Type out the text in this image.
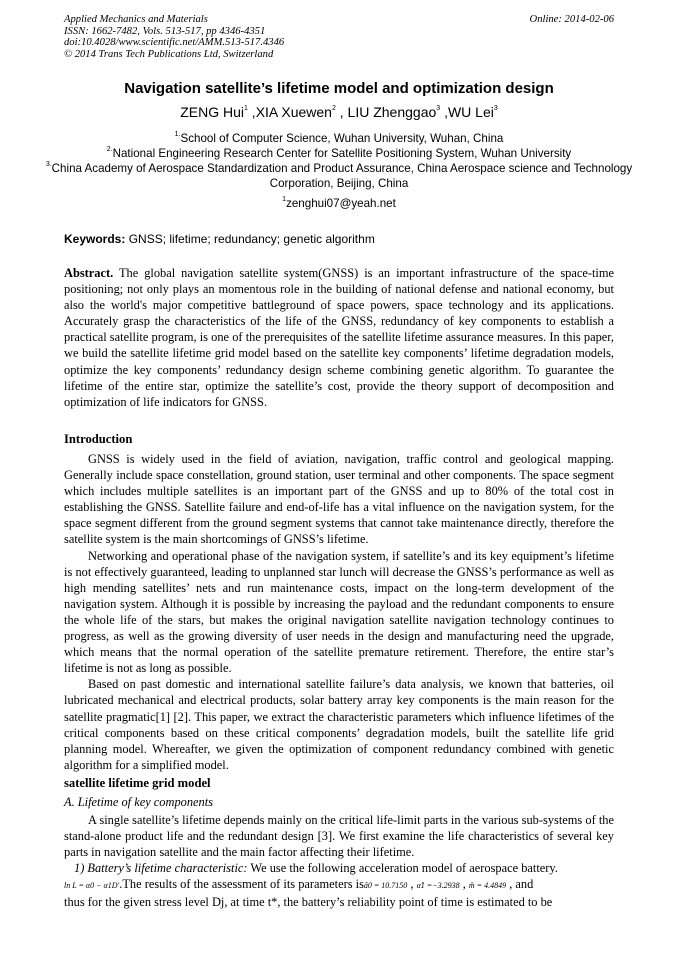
Applied Mechanics and Materials
ISSN: 1662-7482, Vols. 513-517, pp 4346-4351
doi:10.4028/www.scientific.net/AMM.513-517.4346
© 2014 Trans Tech Publications Ltd, Switzerland
Online: 2014-02-06
Navigation satellite’s lifetime model and optimization design
ZENG Hui$^1$ ,XIA Xuewen$^2$ , LIU Zhenggao$^3$ ,WU Lei$^3$
$^{1.}$School of Computer Science, Wuhan University, Wuhan, China
$^{2.}$National Engineering Research Center for Satellite Positioning System, Wuhan University
$^{3.}$China Academy of Aerospace Standardization and Product Assurance, China Aerospace science and Technology Corporation, Beijing, China
$^1$zenghui07@yeah.net
Keywords: GNSS; lifetime; redundancy; genetic algorithm

Abstract. The global navigation satellite system(GNSS) is an important infrastructure of the space-time positioning; not only plays an momentous role in the building of national defense and national economy, but also the world's major competitive battleground of space powers, space technology and its applications. Accurately grasp the characteristics of the life of the GNSS, redundancy of key components to establish a practical satellite program, is one of the prerequisites of the satellite lifetime assurance measures. In this paper, we build the satellite lifetime grid model based on the satellite key components’ lifetime degradation models, optimize the key components’ redundancy design scheme combining genetic algorithm. To guarantee the lifetime of the entire star, optimize the satellite’s cost, provide the theory support of decomposition and optimization of life indicators for GNSS.

Introduction

GNSS is widely used in the field of aviation, navigation, traffic control and geological mapping. Generally include space constellation, ground station, user terminal and other components. The space segment which includes multiple satellites is an important part of the GNSS and up to 80% of the total cost in establishing the GNSS. Satellite failure and end-of-life has a vital influence on the navigation system, for the space segment different from the ground segment systems that cannot take maintenance directly, therefore the satellite system is the main shortcomings of GNSS’s lifetime.

Networking and operational phase of the navigation system, if satellite’s and its key equipment’s lifetime is not effectively guaranteed, leading to unplanned star lunch will decrease the GNSS’s performance as well as high mending satellites’ nets and run maintenance costs, impact on the long-term development of the navigation system. Although it is possible by increasing the payload and the redundant components to ensure the whole life of the stars, but makes the original navigation satellite navigation technology continues to progress, as well as the growing diversity of user needs in the design and manufacturing need the upgrade, which means that the normal operation of the satellite premature retirement. Therefore, the entire star’s lifetime is not as long as possible.

Based on past domestic and international satellite failure’s data analysis, we known that batteries, oil lubricated mechanical and electrical products, solar battery array key components is the main reason for the satellite pragmatic[1] [2]. This paper, we extract the characteristic parameters which influence lifetimes of the critical components based on these critical components’ degradation models, built the satellite life grid planning model. Whereafter, we given the optimization of component redundancy combined with genetic algorithm for a simplified model.

satellite lifetime grid model
A. Lifetime of key components

A single satellite’s lifetime depends mainly on the critical life-limit parts in the various sub-systems of the stand-alone product life and the redundant design [3]. We first examine the life characteristics of several key parts in navigation satellite and the main factor affecting their lifetime.

1) Battery’s lifetime characteristic: We use the following acceleration model of aerospace battery.

ln L = α0 − α1D′.The results of the assessment of its parameters isâ0 = 10.7150 , α̂1 =−3.2938 , m̂ = 4.4849 , and

thus for the given stress level Dj, at time t*, the battery’s reliability point of time is estimated to be
